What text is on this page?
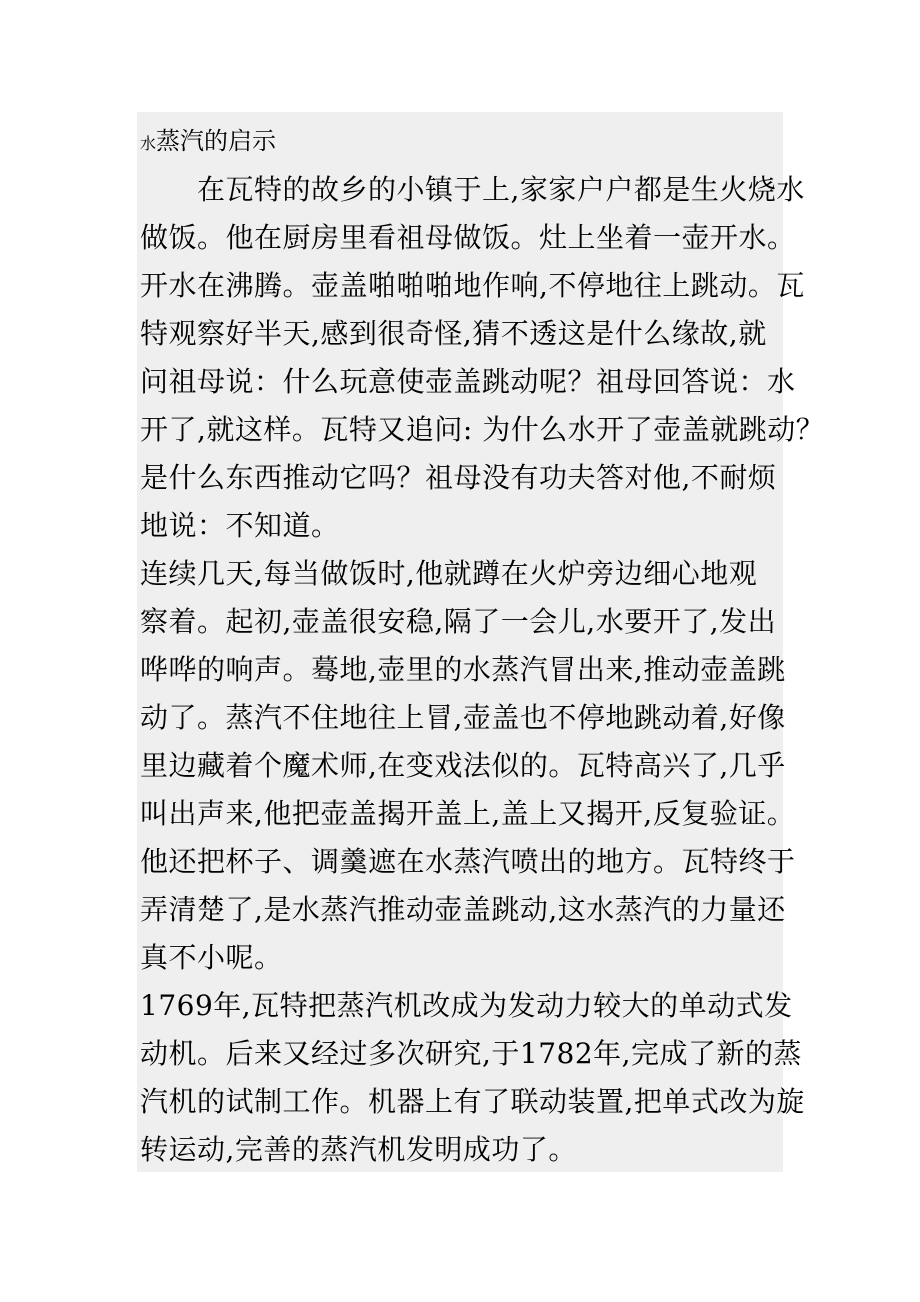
水蒸汽的启示
　　在瓦特的故乡的小镇于上,家家户户都是生火烧水
做饭。他在厨房里看祖母做饭。灶上坐着一壶开水。
开水在沸腾。壶盖啪啪啪地作响,不停地往上跳动。瓦
特观察好半天,感到很奇怪,猜不透这是什么缘故,就
问祖母说：什么玩意使壶盖跳动呢？祖母回答说：水
开了,就这样。瓦特又追问: 为什么水开了壶盖就跳动？
是什么东西推动它吗？祖母没有功夫答对他,不耐烦
地说：不知道。
连续几天,每当做饭时,他就蹲在火炉旁边细心地观
察着。起初,壶盖很安稳,隔了一会儿,水要开了,发出
哗哗的响声。蓦地,壶里的水蒸汽冒出来,推动壶盖跳
动了。蒸汽不住地往上冒,壶盖也不停地跳动着,好像
里边藏着个魔术师,在变戏法似的。瓦特高兴了,几乎
叫出声来,他把壶盖揭开盖上,盖上又揭开,反复验证。
他还把杯子、调羹遮在水蒸汽喷出的地方。瓦特终于
弄清楚了,是水蒸汽推动壶盖跳动,这水蒸汽的力量还
真不小呢。
1769年,瓦特把蒸汽机改成为发动力较大的单动式发
动机。后来又经过多次研究,于1782年,完成了新的蒸
汽机的试制工作。机器上有了联动装置,把单式改为旋
转运动,完善的蒸汽机发明成功了。
